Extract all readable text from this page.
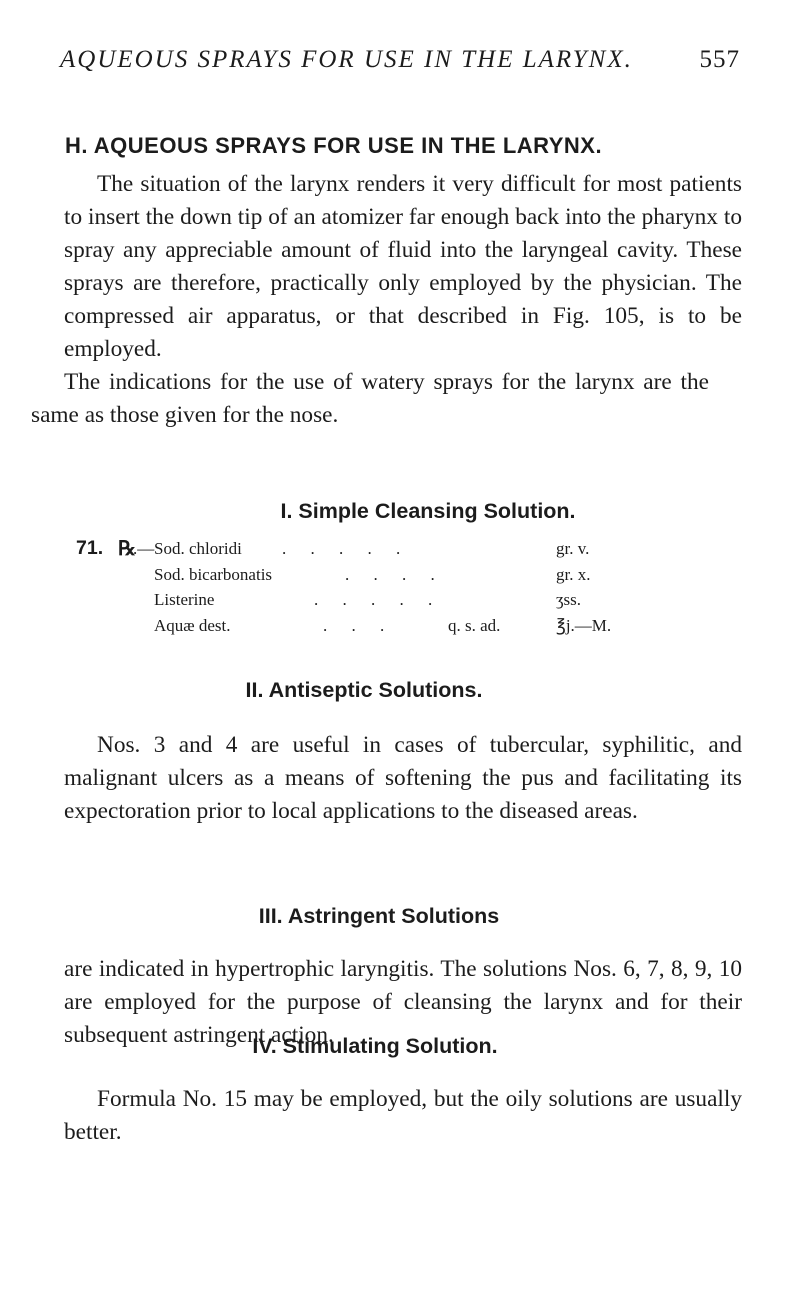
AQUEOUS SPRAYS FOR USE IN THE LARYNX.	557
H. AQUEOUS SPRAYS FOR USE IN THE LARYNX.

The situation of the larynx renders it very difficult for most patients to insert the down tip of an atomizer far enough back into the pharynx to spray any appreciable amount of fluid into the laryngeal cavity. These sprays are therefore, practically only employed by the physician. The compressed air apparatus, or that described in Fig. 105, is to be employed.
The indications for the use of watery sprays for the larynx are the same as those given for the nose.

I. Simple Cleansing Solution.
71. ℞
.— Sod. chloridi . . . . .	gr. v.
Sod. bicarbonatis	. . . .	gr. x.
Listerine	. . . . .	ʒss.
Aquæ dest.	. . .	q. s. ad.	℥j.—M.
II. Antiseptic Solutions.

Nos. 3 and 4 are useful in cases of tubercular, syphilitic, and malignant ulcers as a means of softening the pus and facilitating its expectoration prior to local applications to the diseased areas.

III. Astringent Solutions

are indicated in hypertrophic laryngitis. The solutions Nos. 6, 7, 8, 9, 10 are employed for the purpose of cleansing the larynx and for their subsequent astringent action.

IV. Stimulating Solution.

Formula No. 15 may be employed, but the oily solutions are usually better.
